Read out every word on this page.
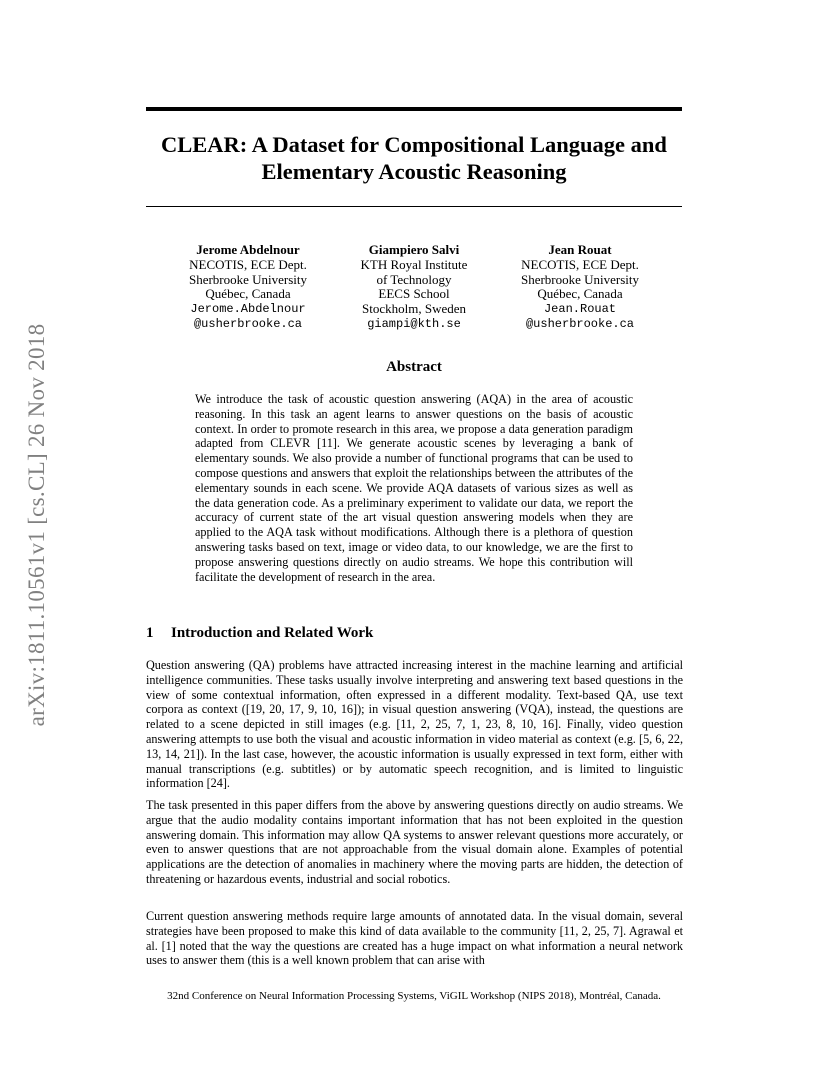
arXiv:1811.10561v1 [cs.CL] 26 Nov 2018
CLEAR: A Dataset for Compositional Language and Elementary Acoustic Reasoning
Jerome Abdelnour
NECOTIS, ECE Dept.
Sherbrooke University
Québec, Canada
Jerome.Abdelnour
@usherbrooke.ca
Giampiero Salvi
KTH Royal Institute
of Technology
EECS School
Stockholm, Sweden
giampi@kth.se
Jean Rouat
NECOTIS, ECE Dept.
Sherbrooke University
Québec, Canada
Jean.Rouat
@usherbrooke.ca
Abstract

We introduce the task of acoustic question answering (AQA) in the area of acoustic reasoning. In this task an agent learns to answer questions on the basis of acoustic context. In order to promote research in this area, we propose a data generation paradigm adapted from CLEVR [11]. We generate acoustic scenes by leveraging a bank of elementary sounds. We also provide a number of functional programs that can be used to compose questions and answers that exploit the relationships between the attributes of the elementary sounds in each scene. We provide AQA datasets of various sizes as well as the data generation code. As a preliminary experiment to validate our data, we report the accuracy of current state of the art visual question answering models when they are applied to the AQA task without modifications. Although there is a plethora of question answering tasks based on text, image or video data, to our knowledge, we are the first to propose answering questions directly on audio streams. We hope this contribution will facilitate the development of research in the area.

1 Introduction and Related Work

Question answering (QA) problems have attracted increasing interest in the machine learning and artificial intelligence communities. These tasks usually involve interpreting and answering text based questions in the view of some contextual information, often expressed in a different modality. Text-based QA, use text corpora as context ([19, 20, 17, 9, 10, 16]); in visual question answering (VQA), instead, the questions are related to a scene depicted in still images (e.g. [11, 2, 25, 7, 1, 23, 8, 10, 16]. Finally, video question answering attempts to use both the visual and acoustic information in video material as context (e.g. [5, 6, 22, 13, 14, 21]). In the last case, however, the acoustic information is usually expressed in text form, either with manual transcriptions (e.g. subtitles) or by automatic speech recognition, and is limited to linguistic information [24].

The task presented in this paper differs from the above by answering questions directly on audio streams. We argue that the audio modality contains important information that has not been exploited in the question answering domain. This information may allow QA systems to answer relevant questions more accurately, or even to answer questions that are not approachable from the visual domain alone. Examples of potential applications are the detection of anomalies in machinery where the moving parts are hidden, the detection of threatening or hazardous events, industrial and social robotics.

Current question answering methods require large amounts of annotated data. In the visual domain, several strategies have been proposed to make this kind of data available to the community [11, 2, 25, 7]. Agrawal et al. [1] noted that the way the questions are created has a huge impact on what information a neural network uses to answer them (this is a well known problem that can arise with

32nd Conference on Neural Information Processing Systems, ViGIL Workshop (NIPS 2018), Montréal, Canada.
